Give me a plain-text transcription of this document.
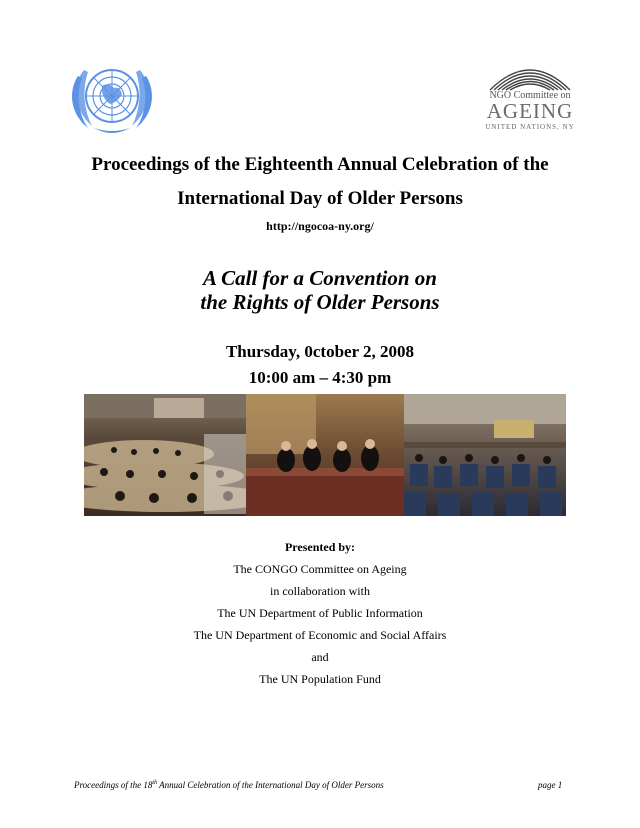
NGO Committee on
AGEING
UNITED NATIONS, NY
Proceedings of the Eighteenth Annual Celebration of the
International Day of Older Persons
http://ngocoa-ny.org/
A Call for a Convention on
the Rights of Older Persons
Thursday, 0ctober 2, 2008
10:00 am – 4:30 pm
Presented by:
The CONGO Committee on Ageing
in collaboration with
The UN Department of Public Information
The UN Department of Economic and Social Affairs
and
The UN Population Fund
Proceedings of the 18th Annual Celebration of the International Day of Older Persons	page 1
